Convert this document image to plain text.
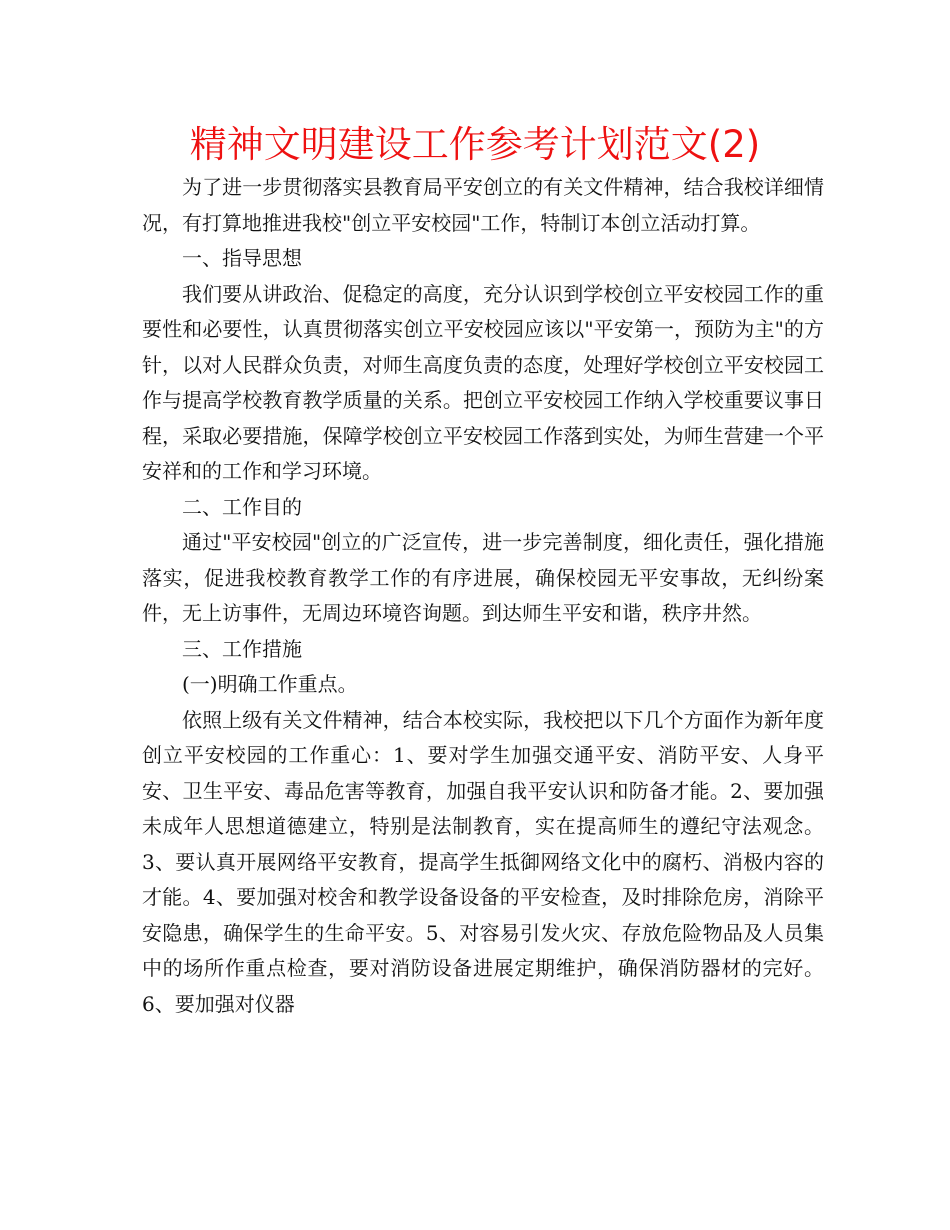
精神文明建设工作参考计划范文(2)

为了进一步贯彻落实县教育局平安创立的有关文件精神，结合我校详细情况，有打算地推进我校"创立平安校园"工作，特制订本创立活动打算。

一、指导思想

我们要从讲政治、促稳定的高度，充分认识到学校创立平安校园工作的重要性和必要性，认真贯彻落实创立平安校园应该以"平安第一，预防为主"的方针，以对人民群众负责，对师生高度负责的态度，处理好学校创立平安校园工作与提高学校教育教学质量的关系。把创立平安校园工作纳入学校重要议事日程，采取必要措施，保障学校创立平安校园工作落到实处，为师生营建一个平安祥和的工作和学习环境。

二、工作目的

通过"平安校园"创立的广泛宣传，进一步完善制度，细化责任，强化措施落实，促进我校教育教学工作的有序进展，确保校园无平安事故，无纠纷案件，无上访事件，无周边环境咨询题。到达师生平安和谐，秩序井然。

三、工作措施

(一)明确工作重点。

依照上级有关文件精神，结合本校实际，我校把以下几个方面作为新年度创立平安校园的工作重心：1、要对学生加强交通平安、消防平安、人身平安、卫生平安、毒品危害等教育，加强自我平安认识和防备才能。2、要加强未成年人思想道德建立，特别是法制教育，实在提高师生的遵纪守法观念。3、要认真开展网络平安教育，提高学生抵御网络文化中的腐朽、消极内容的才能。4、要加强对校舍和教学设备设备的平安检查，及时排除危房，消除平安隐患，确保学生的生命平安。5、对容易引发火灾、存放危险物品及人员集中的场所作重点检查，要对消防设备进展定期维护，确保消防器材的完好。6、要加强对仪器
